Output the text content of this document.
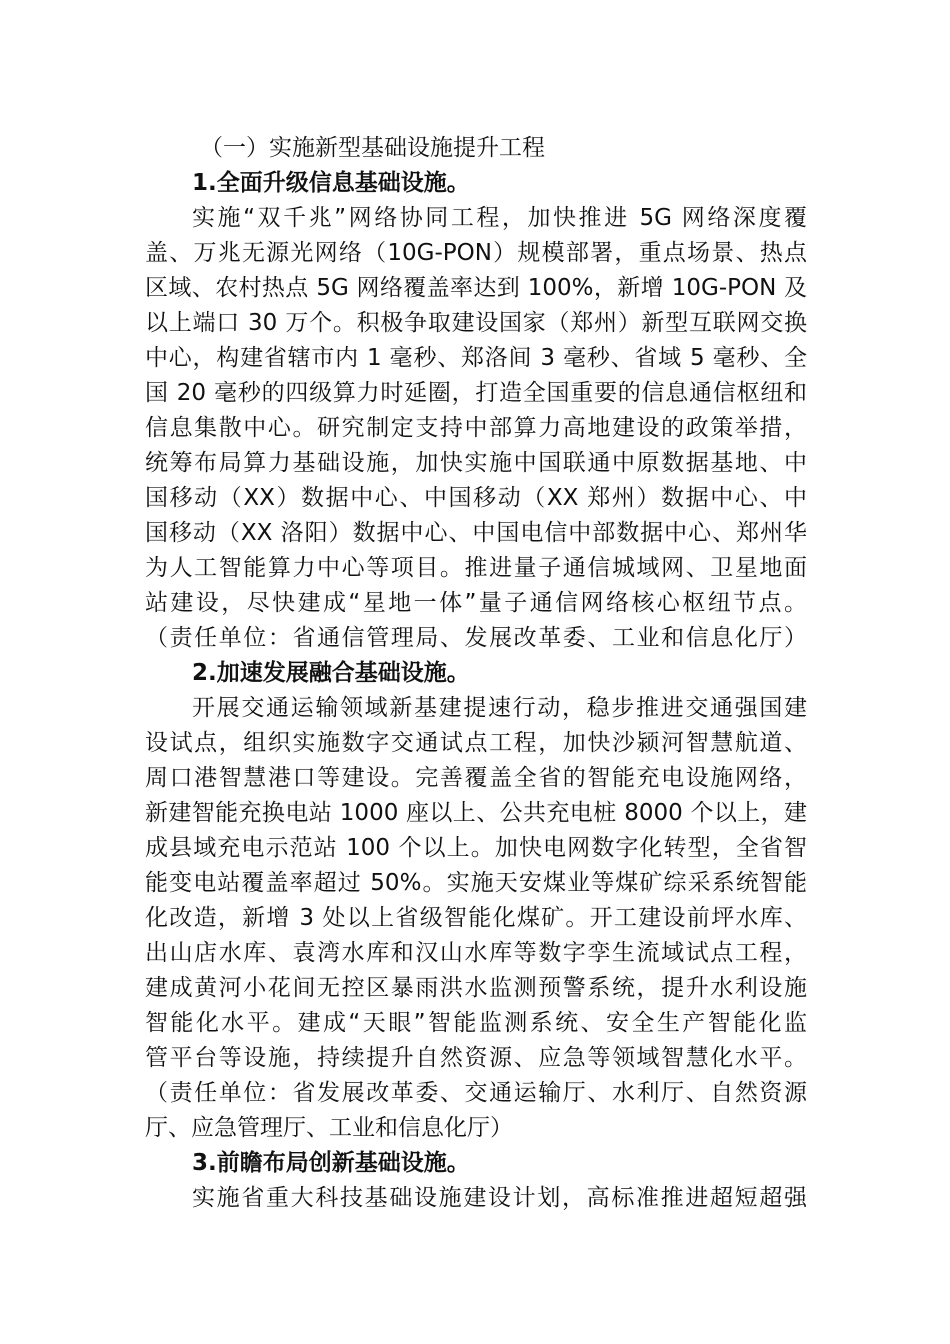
（一）实施新型基础设施提升工程
1.全面升级信息基础设施。
实施“双千兆”网络协同工程，加快推进 5G 网络深度覆
盖、万兆无源光网络（10G-PON）规模部署，重点场景、热点
区域、农村热点 5G 网络覆盖率达到 100%，新增 10G-PON 及
以上端口 30 万个。积极争取建设国家（郑州）新型互联网交换
中心，构建省辖市内 1 毫秒、郑洛间 3 毫秒、省域 5 毫秒、全
国 20 毫秒的四级算力时延圈，打造全国重要的信息通信枢纽和
信息集散中心。研究制定支持中部算力高地建设的政策举措，
统筹布局算力基础设施，加快实施中国联通中原数据基地、中
国移动（XX）数据中心、中国移动（XX 郑州）数据中心、中
国移动（XX 洛阳）数据中心、中国电信中部数据中心、郑州华
为人工智能算力中心等项目。推进量子通信城域网、卫星地面
站建设，尽快建成“星地一体”量子通信网络核心枢纽节点。
（责任单位：省通信管理局、发展改革委、工业和信息化厅）
2.加速发展融合基础设施。
开展交通运输领域新基建提速行动，稳步推进交通强国建
设试点，组织实施数字交通试点工程，加快沙颍河智慧航道、
周口港智慧港口等建设。完善覆盖全省的智能充电设施网络，
新建智能充换电站 1000 座以上、公共充电桩 8000 个以上，建
成县域充电示范站 100 个以上。加快电网数字化转型，全省智
能变电站覆盖率超过 50%。实施天安煤业等煤矿综采系统智能
化改造，新增 3 处以上省级智能化煤矿。开工建设前坪水库、
出山店水库、袁湾水库和汉山水库等数字孪生流域试点工程，
建成黄河小花间无控区暴雨洪水监测预警系统，提升水利设施
智能化水平。建成“天眼”智能监测系统、安全生产智能化监
管平台等设施，持续提升自然资源、应急等领域智慧化水平。
（责任单位：省发展改革委、交通运输厅、水利厅、自然资源
厅、应急管理厅、工业和信息化厅）
3.前瞻布局创新基础设施。
实施省重大科技基础设施建设计划，高标准推进超短超强
